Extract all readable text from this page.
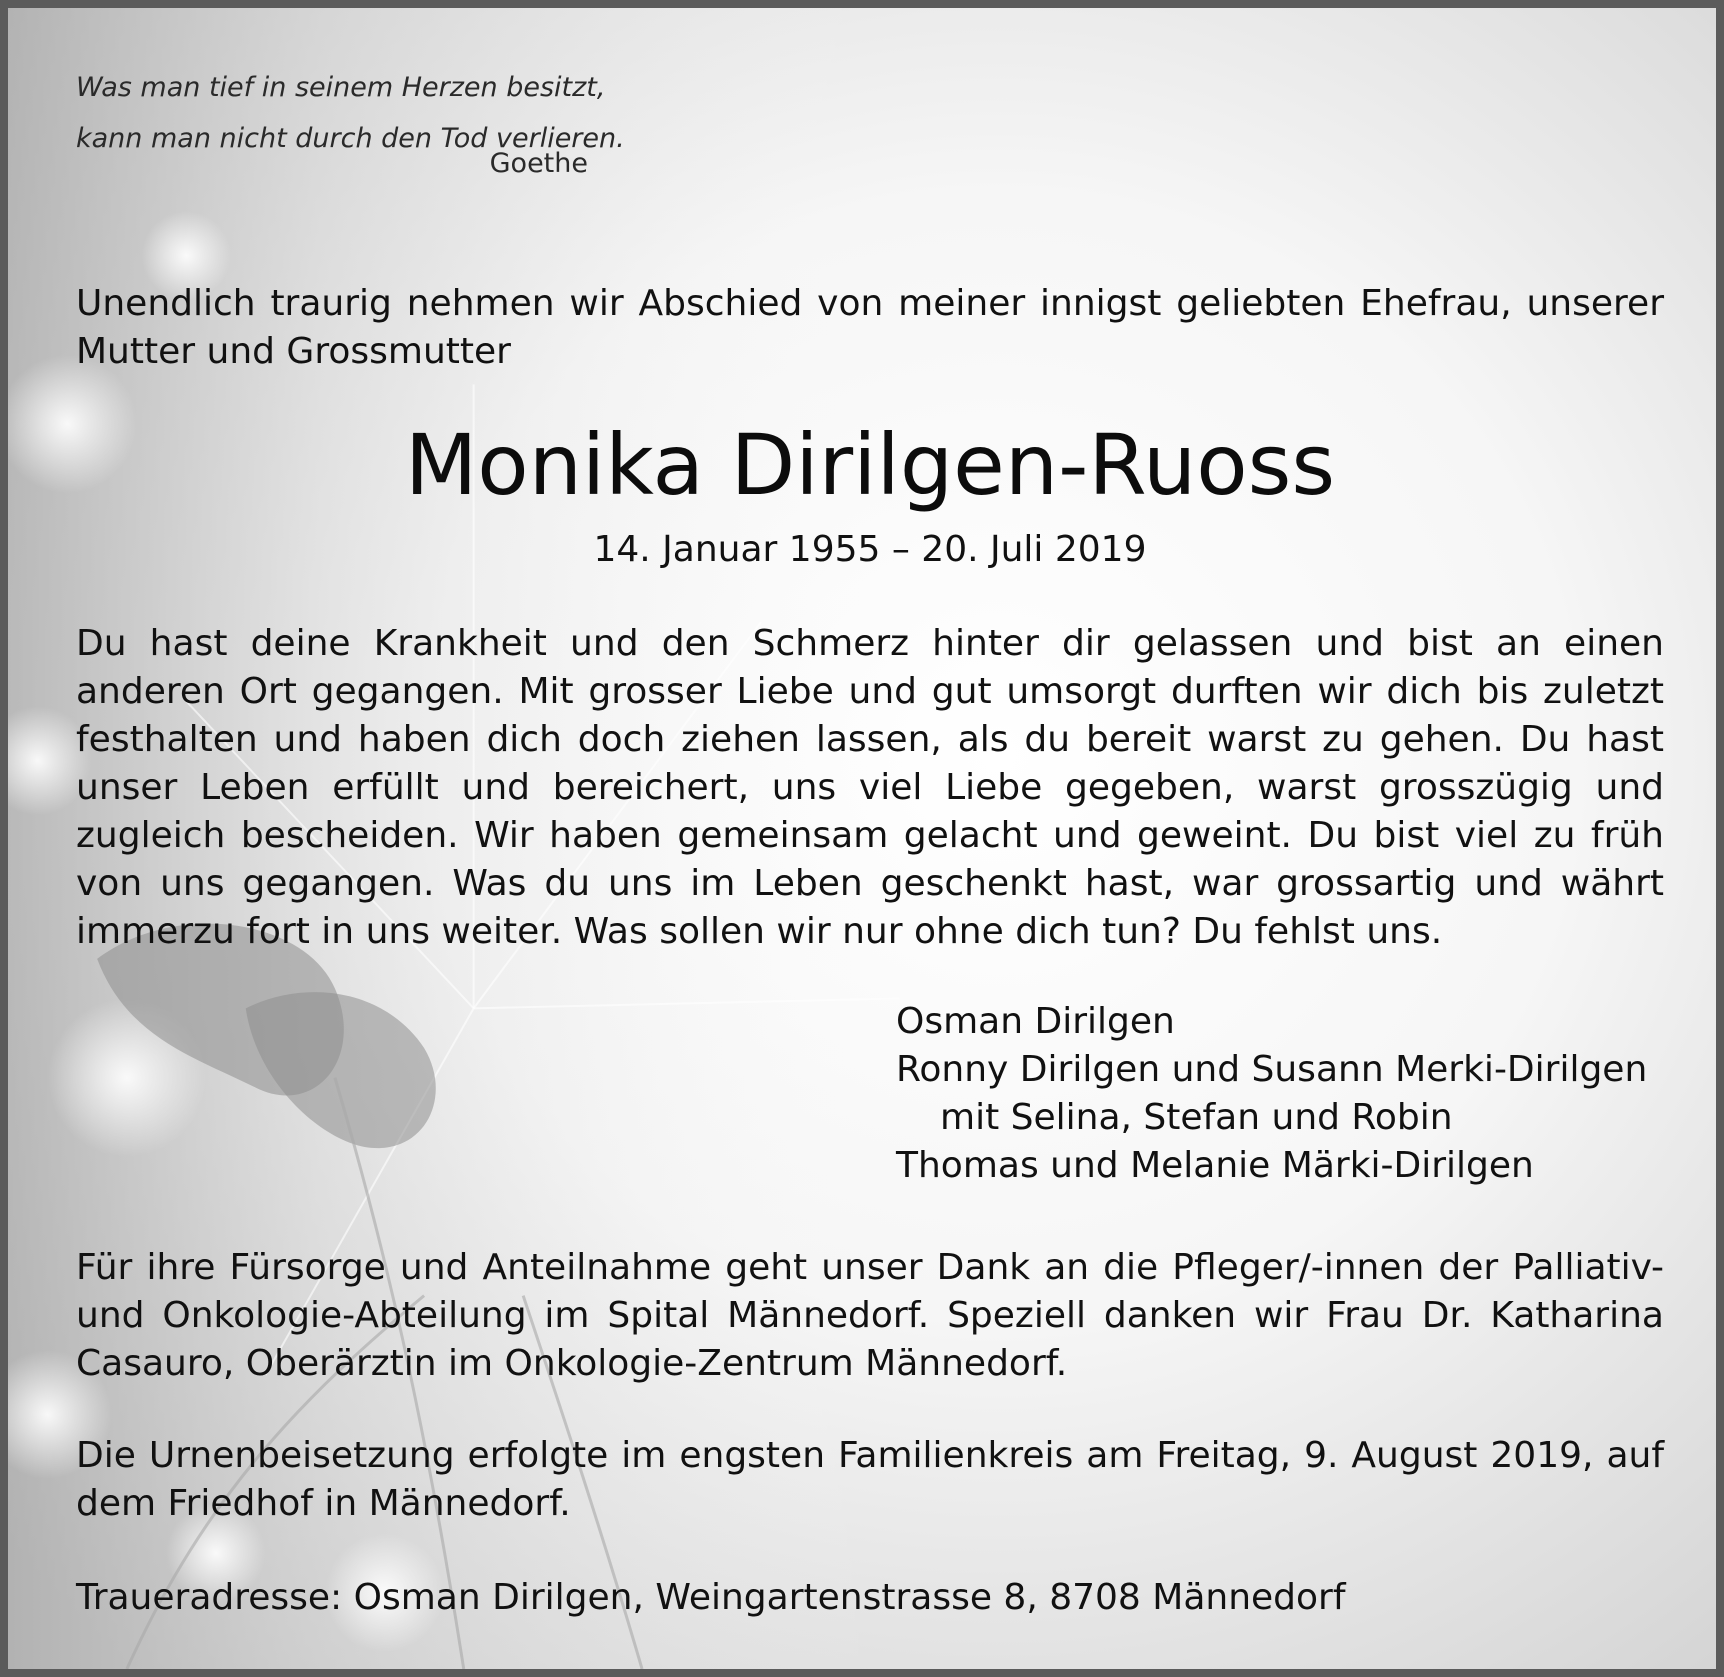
Was man tief in seinem Herzen besitzt,
kann man nicht durch den Tod verlieren.
Goethe
Unendlich traurig nehmen wir Abschied von meiner innigst geliebten Ehefrau, unserer Mutter und Grossmutter
Monika Dirilgen-Ruoss
14. Januar 1955 – 20. Juli 2019
Du hast deine Krankheit und den Schmerz hinter dir gelassen und bist an einen anderen Ort gegangen. Mit grosser Liebe und gut umsorgt durften wir dich bis zuletzt festhalten und haben dich doch ziehen lassen, als du bereit warst zu gehen. Du hast unser Leben erfüllt und bereichert, uns viel Liebe gegeben, warst grosszügig und zugleich bescheiden. Wir haben gemeinsam gelacht und geweint. Du bist viel zu früh von uns gegangen. Was du uns im Leben geschenkt hast, war grossartig und währt immerzu fort in uns weiter. Was sollen wir nur ohne dich tun? Du fehlst uns.
Osman Dirilgen
Ronny Dirilgen und Susann Merki-Dirilgen
mit Selina, Stefan und Robin
Thomas und Melanie Märki-Dirilgen
Für ihre Fürsorge und Anteilnahme geht unser Dank an die Pfleger/-innen der Palliativ- und Onkologie-Abteilung im Spital Männedorf. Speziell danken wir Frau Dr. Katharina Casauro, Oberärztin im Onkologie-Zentrum Männedorf.
Die Urnenbeisetzung erfolgte im engsten Familienkreis am Freitag, 9. August 2019, auf dem Friedhof in Männedorf.
Traueradresse: Osman Dirilgen, Weingartenstrasse 8, 8708 Männedorf
